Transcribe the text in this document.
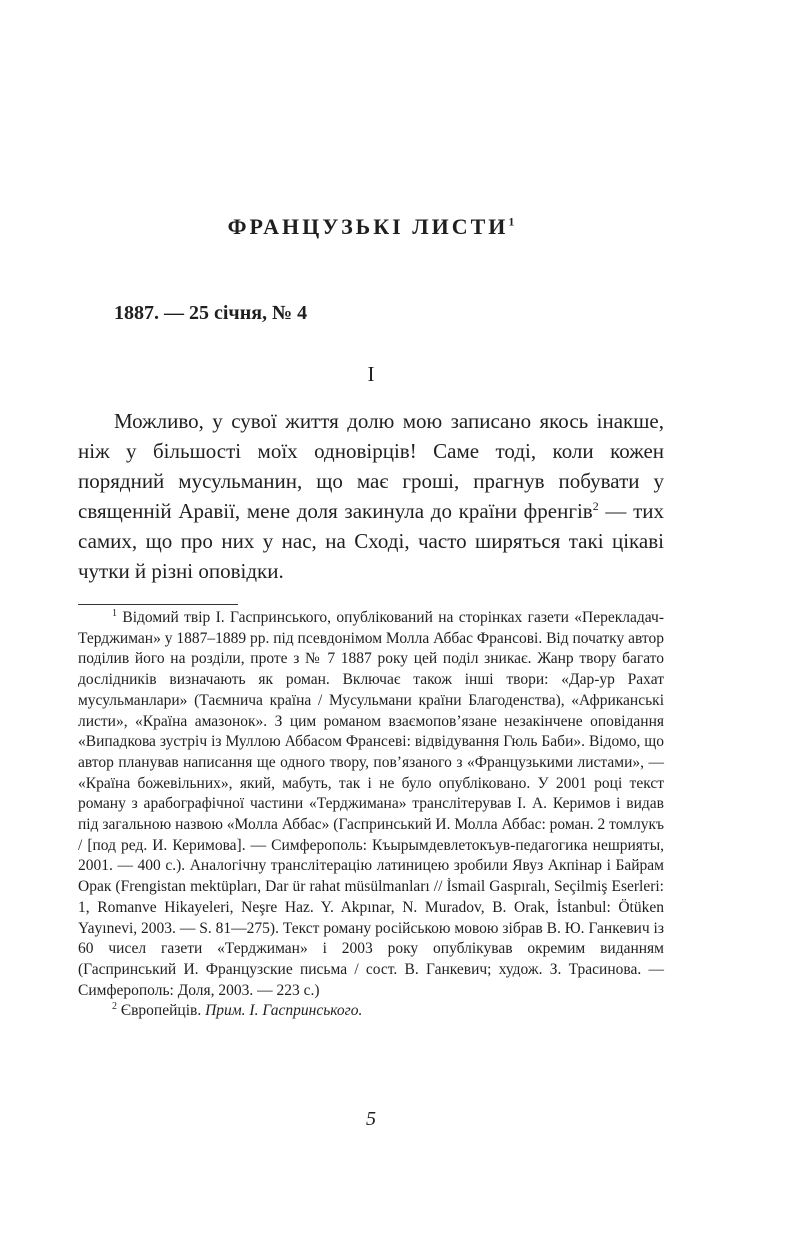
ФРАНЦУЗЬКІ ЛИСТИ$^1$
1887. — 25 січня, № 4
I

Можливо, у сувої життя долю мою записано якось інакше, ніж у більшості моїх одновірців! Саме тоді, коли кожен порядний мусульманин, що має гроші, прагнув побувати у священній Аравії, мене доля закинула до країни френгів$^2$ — тих самих, що про них у нас, на Сході, часто ширяться такі цікаві чутки й різні оповідки.

$^1$ Відомий твір І. Гаспринського, опублікований на сторінках газети «Перекладач-Терджиман» у 1887–1889 рр. під псевдонімом Молла Аббас Франсові. Від початку автор поділив його на розділи, проте з № 7 1887 року цей поділ зникає. Жанр твору багато дослідників визначають як роман. Включає також інші твори: «Дар-ур Рахат мусульманлари» (Таємнича країна / Мусульмани країни Благоденства), «Африканські листи», «Країна амазонок». З цим романом взаємопов’язане незакінчене оповідання «Випадкова зустріч із Муллою Аббасом Франсеві: відвідування Гюль Баби». Відомо, що автор планував написання ще одного твору, пов’язаного з «Французькими листами», — «Країна божевільних», який, мабуть, так і не було опубліковано. У 2001 році текст роману з арабографічної частини «Терджимана» транслітерував І. А. Керимов і видав під загальною назвою «Молла Аббас» (Гаспринський И. Молла Аббас: роман. 2 томлукъ / [под ред. И. Керимова]. — Симферополь: Къырымдевлетокъув-педагогика нешрияты, 2001. — 400 с.). Аналогічну транслітерацію латиницею зробили Явуз Акпінар і Байрам Орак (Frengistan mektüpları, Dar ür rahat müsülmanları // İsmail Gaspıralı, Seçilmiş Eserleri: 1, Romanve Hikayeleri, Neşre Haz. Y. Akpınar, N. Muradov, B. Orak, İstanbul: Ötüken Yayınevi, 2003. — S. 81—275). Текст роману російською мовою зібрав В. Ю. Ганкевич із 60 чисел газети «Терджиман» і 2003 року опублікував окремим виданням (Гаспринський И. Французские письма / сост. В. Ганкевич; худож. З. Трасинова. — Симферополь: Доля, 2003. — 223 с.)

$^2$ Європейців. Прим. І. Гаспринського.

5
